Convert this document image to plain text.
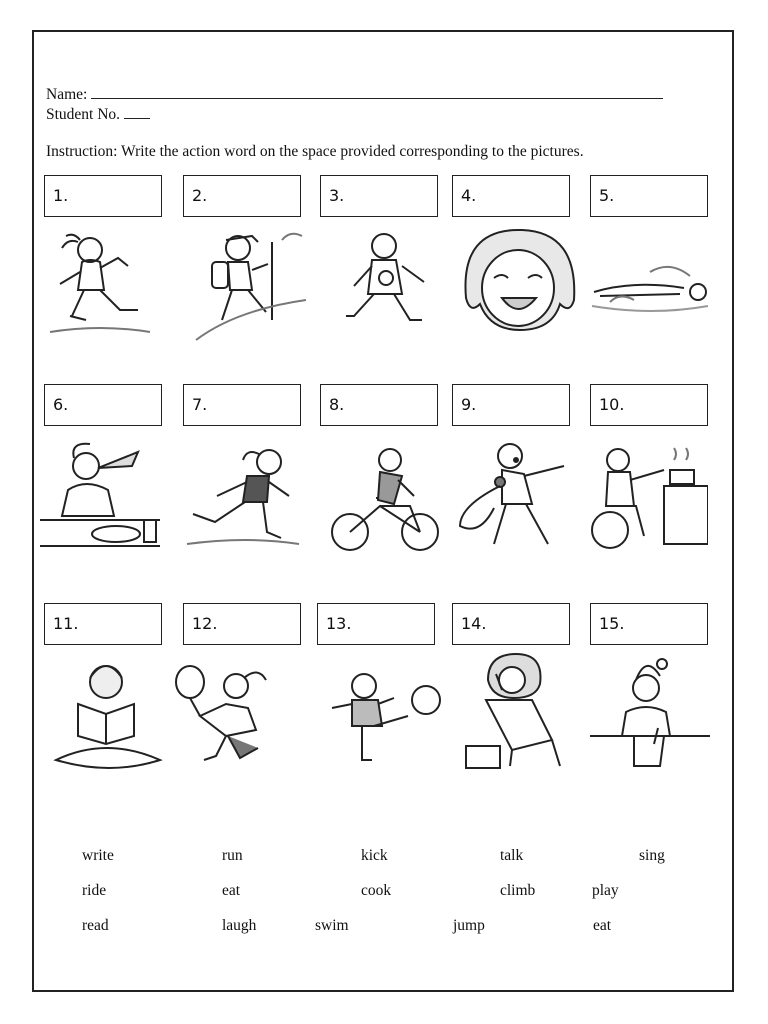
Name:
Student No.
Instruction: Write the action word on the space provided corresponding to the pictures.
1.	2.	3.	4.	5.
6.	7.	8.	9.	10.
11.	12.	13.	14.	15.
write	run	kick	talk	sing
ride	eat	cook	climb	play
read	laugh	swim	jump	eat
